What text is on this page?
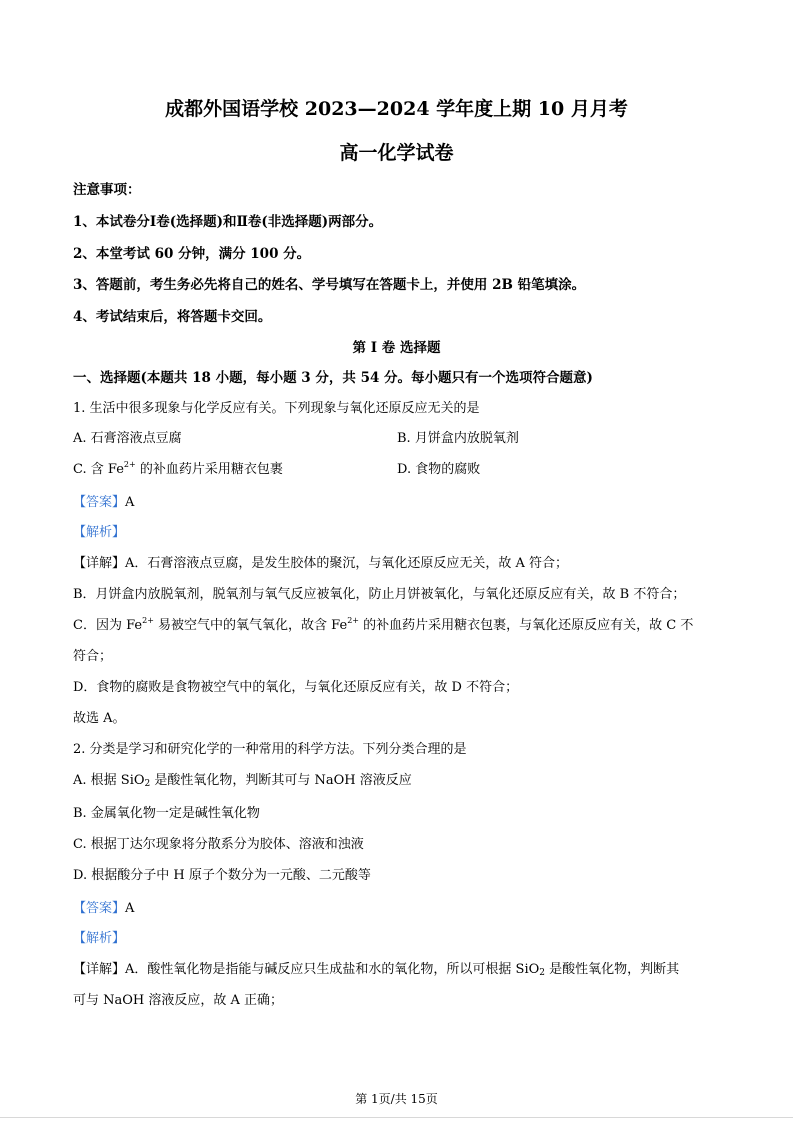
成都外国语学校 2023—2024 学年度上期 10 月月考
高一化学试卷
注意事项：
1、本试卷分Ⅰ卷(选择题)和Ⅱ卷(非选择题)两部分。
2、本堂考试 60 分钟，满分 100 分。
3、答题前，考生务必先将自己的姓名、学号填写在答题卡上，并使用 2B 铅笔填涂。
4、考试结束后，将答题卡交回。
第 I 卷 选择题
一、选择题(本题共 18 小题，每小题 3 分，共 54 分。每小题只有一个选项符合题意)
1. 生活中很多现象与化学反应有关。下列现象与氧化还原反应无关的是
A. 石膏溶液点豆腐	B. 月饼盒内放脱氧剂
C. 含 $Fe^{2+}$ 的补血药片采用糖衣包裹	D. 食物的腐败
【答案】A
【解析】
【详解】A．石膏溶液点豆腐，是发生胶体的聚沉，与氧化还原反应无关，故 A 符合；
B．月饼盒内放脱氧剂，脱氧剂与氧气反应被氧化，防止月饼被氧化，与氧化还原反应有关，故 B 不符合；
C．因为 $Fe^{2+}$ 易被空气中的氧气氧化，故含 $Fe^{2+}$ 的补血药片采用糖衣包裹，与氧化还原反应有关，故 C 不
符合；
D．食物的腐败是食物被空气中的氧化，与氧化还原反应有关，故 D 不符合；
故选 A。
2. 分类是学习和研究化学的一种常用的科学方法。下列分类合理的是
A. 根据 SiO$_2$ 是酸性氧化物，判断其可与 NaOH 溶液反应
B. 金属氧化物一定是碱性氧化物
C. 根据丁达尔现象将分散系分为胶体、溶液和浊液
D. 根据酸分子中 H 原子个数分为一元酸、二元酸等
【答案】A
【解析】
【详解】A．酸性氧化物是指能与碱反应只生成盐和水的氧化物，所以可根据 SiO$_2$ 是酸性氧化物，判断其
可与 NaOH 溶液反应，故 A 正确；
第 1页/共 15页
